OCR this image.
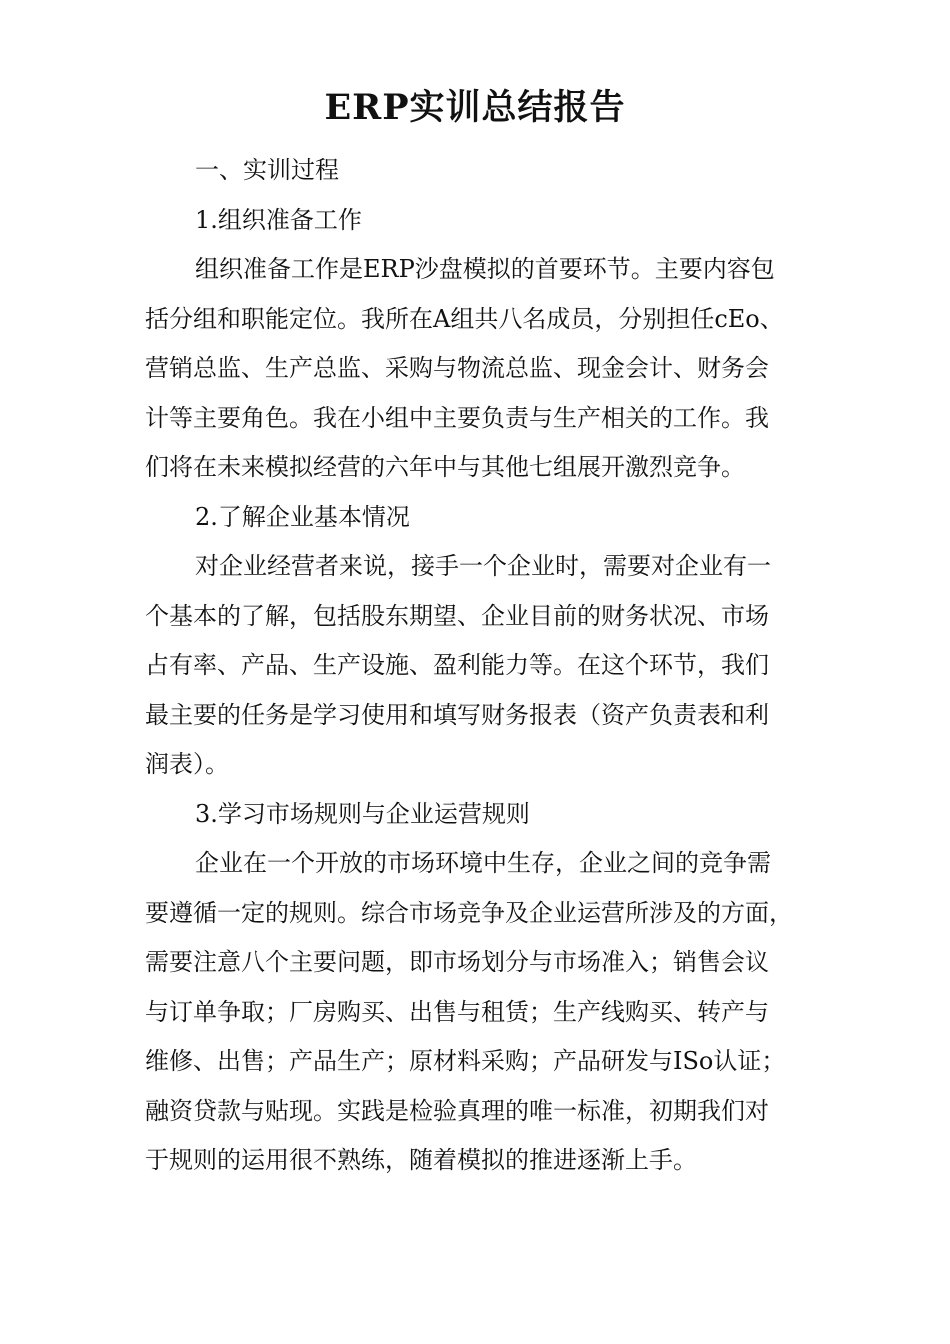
ERP实训总结报告
一、实训过程
1.组织准备工作
组织准备工作是ERP沙盘模拟的首要环节。主要内容包
括分组和职能定位。我所在A组共八名成员，分别担任cEo、
营销总监、生产总监、采购与物流总监、现金会计、财务会
计等主要角色。我在小组中主要负责与生产相关的工作。我
们将在未来模拟经营的六年中与其他七组展开激烈竞争。
2.了解企业基本情况
对企业经营者来说，接手一个企业时，需要对企业有一
个基本的了解，包括股东期望、企业目前的财务状况、市场
占有率、产品、生产设施、盈利能力等。在这个环节，我们
最主要的任务是学习使用和填写财务报表（资产负责表和利
润表）。
3.学习市场规则与企业运营规则
企业在一个开放的市场环境中生存，企业之间的竞争需
要遵循一定的规则。综合市场竞争及企业运营所涉及的方面，
需要注意八个主要问题，即市场划分与市场准入；销售会议
与订单争取；厂房购买、出售与租赁；生产线购买、转产与
维修、出售；产品生产；原材料采购；产品研发与ISo认证；
融资贷款与贴现。实践是检验真理的唯一标准，初期我们对
于规则的运用很不熟练，随着模拟的推进逐渐上手。
